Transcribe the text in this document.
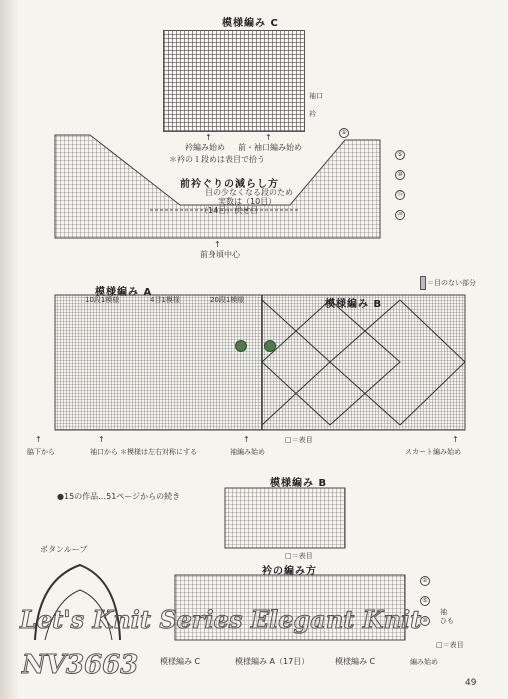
模様編み C
↑	↑
衿編み始め 前・袖口編み始め
袖口
衿
＊衿の１段めは表目で拾う
前衿ぐりの減らし方
目の少なくなる段のため
実数は（10目）
（14目）伏せ目
↑
前身頃中心
①
⑤
⑩
⑮
⑳
＝目のない部分
模様編み A
模様編み B
10段1模様	4目1模様	20段1模様
↑	↑	↑	↑
脇下から	袖口から ＊模様は左右対称にする	袖編み始め
□＝表目
スカート編み始め
●15の作品…51ページからの続き
模様編み B
□＝表目
ボタンループ
衿の編み方
①
⑤
⑩
袖
ひも
□＝表目
編み始め
模様編み C	模様編み A（17目）	模様編み C
Let's Knit Series Elegant Knit
NV3663
49
